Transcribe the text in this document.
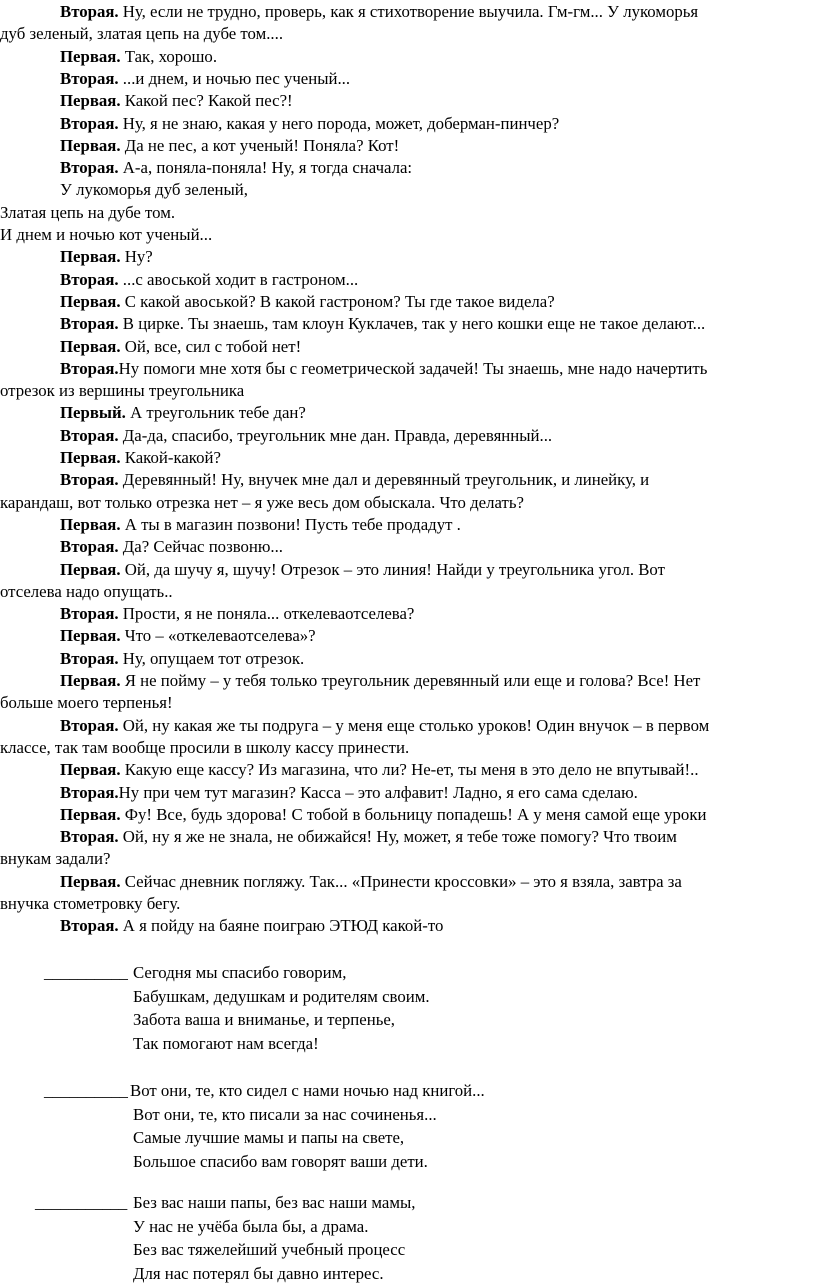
Вторая. Ну, если не трудно, проверь, как я стихотворение выучила. Гм-гм... У лукоморья
дуб зеленый, златая цепь на дубе том....
Первая. Так, хорошо.
Вторая. ...и днем, и ночью пес ученый...
Первая. Какой пес? Какой пес?!
Вторая. Ну, я не знаю, какая у него порода, может, доберман-пинчер?
Первая. Да не пес, а кот ученый! Поняла? Кот!
Вторая. А-а, поняла-поняла! Ну, я тогда сначала:
У лукоморья дуб зеленый,
Златая цепь на дубе том.
И днем и ночью кот ученый...
Первая. Ну?
Вторая. ...с авоськой ходит в гастроном...
Первая. С какой авоськой? В какой гастроном? Ты где такое видела?
Вторая. В цирке. Ты знаешь, там клоун Куклачев, так у него кошки еще не такое делают...
Первая. Ой, все, сил с тобой нет!
Вторая.Ну помоги мне хотя бы с геометрической задачей! Ты знаешь, мне надо начертить
отрезок из вершины треугольника
Первый. А треугольник тебе дан?
Вторая. Да-да, спасибо, треугольник мне дан. Правда, деревянный...
Первая. Какой-какой?
Вторая. Деревянный! Ну, внучек мне дал и деревянный треугольник, и линейку, и
карандаш, вот только отрезка нет – я уже весь дом обыскала. Что делать?
Первая. А ты в магазин позвони! Пусть тебе продадут .
Вторая. Да? Сейчас позвоню...
Первая. Ой, да шучу я, шучу! Отрезок – это линия! Найди у треугольника угол. Вот
отселева надо опущать..
Вторая. Прости, я не поняла... откелеваотселева?
Первая. Что – «откелеваотселева»?
Вторая. Ну, опущаем тот отрезок.
Первая. Я не пойму – у тебя только треугольник деревянный или еще и голова? Все! Нет
больше моего терпенья!
Вторая. Ой, ну какая же ты подруга – у меня еще столько уроков! Один внучок – в первом
классе, так там вообще просили в школу кассу принести.
Первая. Какую еще кассу? Из магазина, что ли? Не-ет, ты меня в это дело не впутывай!..
Вторая.Ну при чем тут магазин? Касса – это алфавит! Ладно, я его сама сделаю.
Первая. Фу! Все, будь здорова! С тобой в больницу попадешь! А у меня самой еще уроки
Вторая. Ой, ну я же не знала, не обижайся! Ну, может, я тебе тоже помогу? Что твоим
внукам задали?
Первая. Сейчас дневник погляжу. Так... «Принести кроссовки» – это я взяла, завтра за
внучка стометровку бегу.
Вторая. А я пойду на баяне поиграю ЭТЮД какой-то
__________ Сегодня мы спасибо говорим,
Бабушкам, дедушкам и родителям своим.
Забота ваша и вниманье, и терпенье,
Так помогают нам всегда!
__________ Вот они, те, кто сидел с нами ночью над книгой...
Вот они, те, кто писали за нас сочиненья...
Самые лучшие мамы и папы на свете,
Большое спасибо вам говорят ваши дети.
___________ Без вас наши папы, без вас наши мамы,
У нас не учёба была бы, а драма.
Без вас тяжелейший учебный процесс
Для нас потерял бы давно интерес.
